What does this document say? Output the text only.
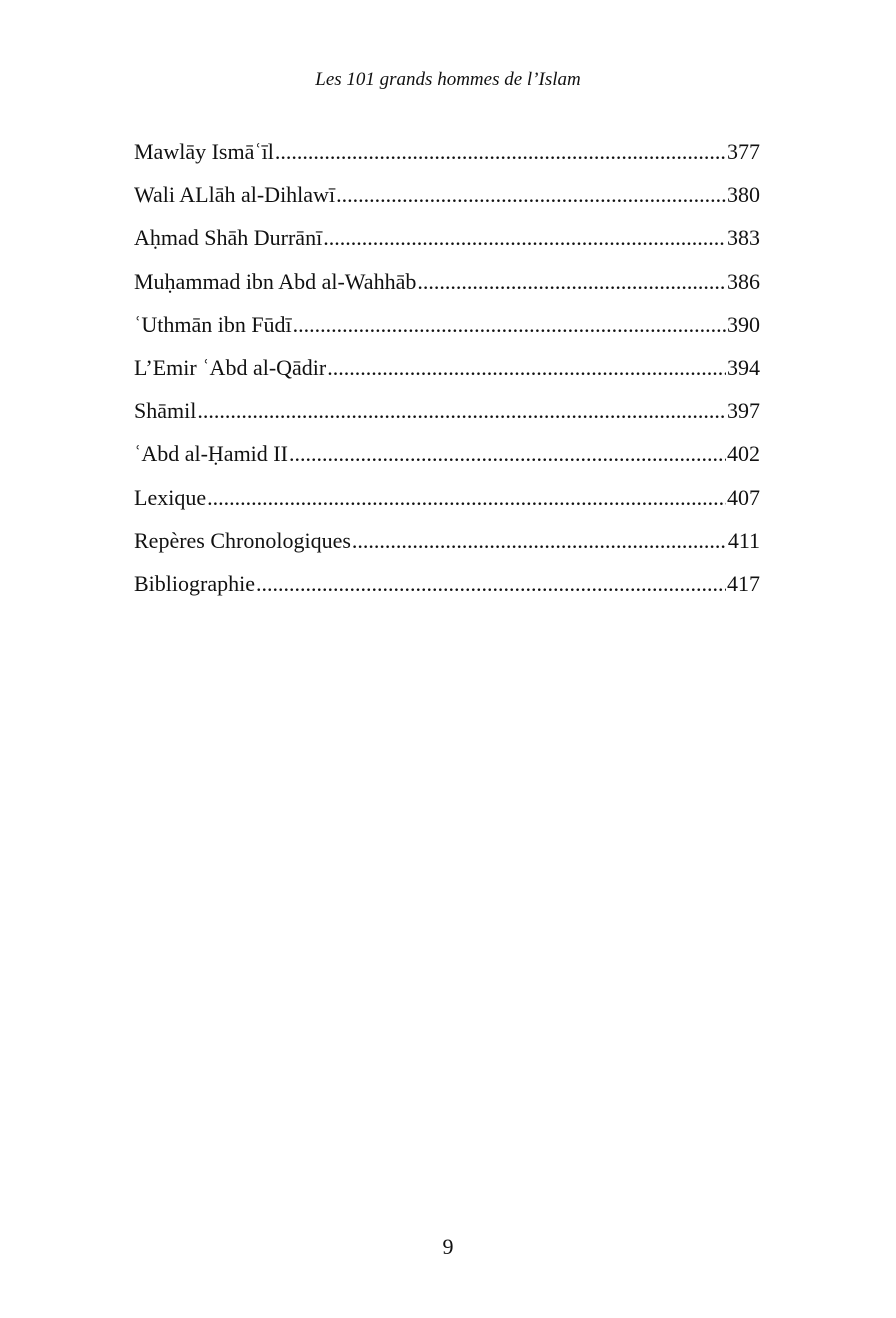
Les 101 grands hommes de l’Islam
Mawlāy Ismāʿīl .....	377
Wali ALlāh al-Dihlawī .....	380
Aḥmad Shāh Durrānī .....	383
Muḥammad ibn Abd al-Wahhāb .....	386
ʿUthmān ibn Fūdī .....	390
L’Emir ʿAbd al-Qādir .....	394
Shāmil .....	397
ʿAbd al-Ḥamid II .....	402
Lexique .....	407
Repères Chronologiques .....	411
Bibliographie .....	417
9
